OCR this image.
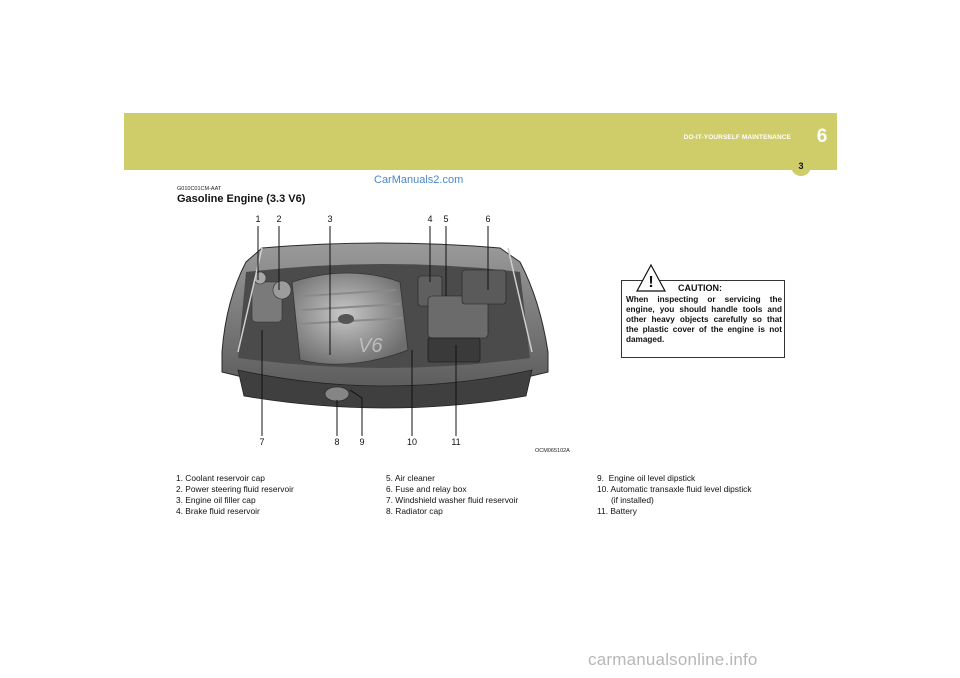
DO-IT-YOURSELF MAINTENANCE	6
3
CarManuals2.com
G010C01CM-AAT
Gasoline Engine (3.3 V6)
V6
1	2	3	4	5	6
7	8	9	10	11
OCM065102A
!	CAUTION:
When inspecting or servicing the engine, you should handle tools and other heavy objects carefully so that the plastic cover of the engine is not damaged.
1. Coolant reservoir cap
2. Power steering fluid reservoir
3. Engine oil filler cap
4. Brake fluid reservoir
5. Air cleaner
6. Fuse and relay box
7. Windshield washer fluid reservoir
8. Radiator cap
9.  Engine oil level dipstick
10. Automatic transaxle fluid level dipstick
(if installed)
11. Battery
carmanualsonline.info
